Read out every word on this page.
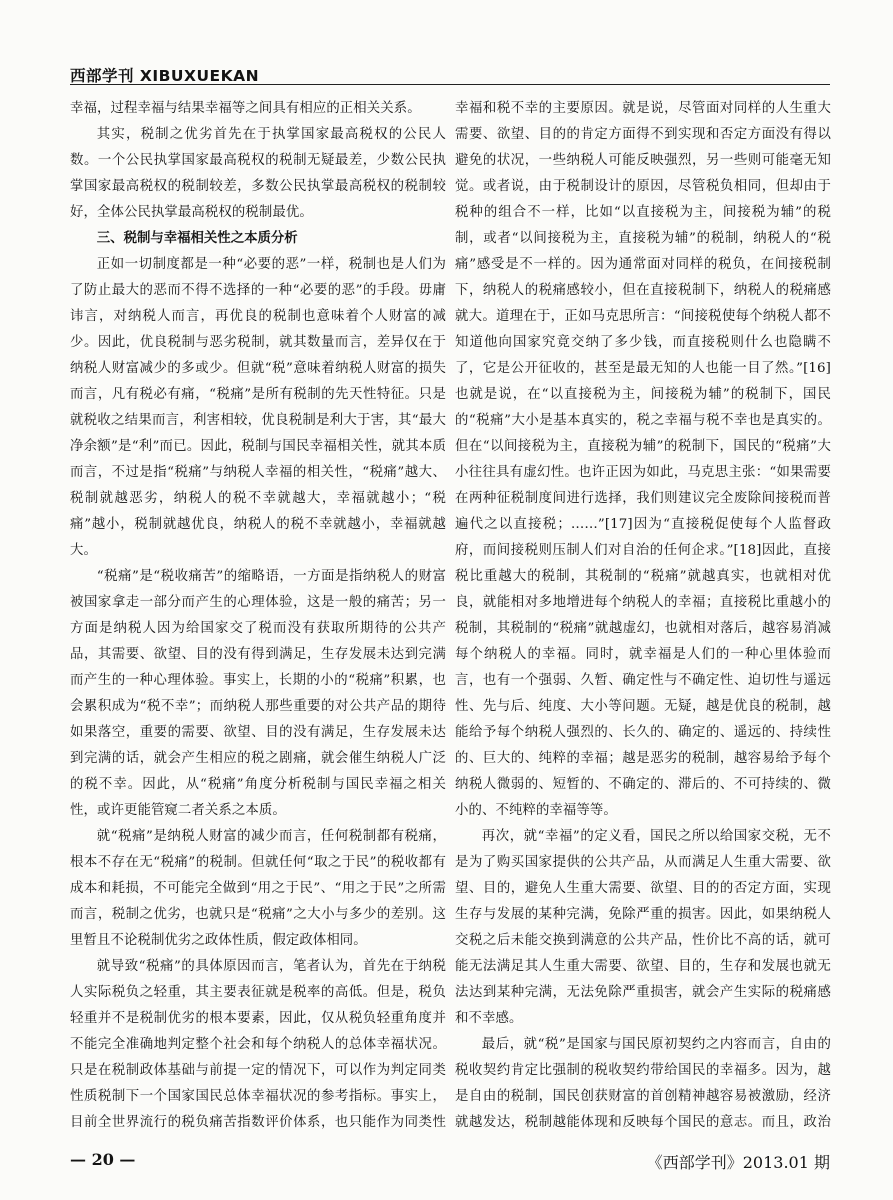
西部学刊 XIBUXUEKAN

幸福，过程幸福与结果幸福等之间具有相应的正相关关系。

其实，税制之优劣首先在于执掌国家最高税权的公民人数。一个公民执掌国家最高税权的税制无疑最差，少数公民执掌国家最高税权的税制较差，多数公民执掌最高税权的税制较好，全体公民执掌最高税权的税制最优。

三、税制与幸福相关性之本质分析

正如一切制度都是一种“必要的恶”一样，税制也是人们为了防止最大的恶而不得不选择的一种“必要的恶”的手段。毋庸讳言，对纳税人而言，再优良的税制也意味着个人财富的减少。因此，优良税制与恶劣税制，就其数量而言，差异仅在于纳税人财富减少的多或少。但就“税”意味着纳税人财富的损失而言，凡有税必有痛，“税痛”是所有税制的先天性特征。只是就税收之结果而言，利害相较，优良税制是利大于害，其“最大净余额”是“利”而已。因此，税制与国民幸福相关性，就其本质而言，不过是指“税痛”与纳税人幸福的相关性，“税痛”越大、税制就越恶劣，纳税人的税不幸就越大，幸福就越小；“税痛”越小，税制就越优良，纳税人的税不幸就越小，幸福就越大。

“税痛”是“税收痛苦”的缩略语，一方面是指纳税人的财富被国家拿走一部分而产生的心理体验，这是一般的痛苦；另一方面是纳税人因为给国家交了税而没有获取所期待的公共产品，其需要、欲望、目的没有得到满足，生存发展未达到完满而产生的一种心理体验。事实上，长期的小的“税痛”积累，也会累积成为“税不幸”；而纳税人那些重要的对公共产品的期待如果落空，重要的需要、欲望、目的没有满足，生存发展未达到完满的话，就会产生相应的税之剧痛，就会催生纳税人广泛的税不幸。因此，从“税痛”角度分析税制与国民幸福之相关性，或许更能管窥二者关系之本质。

就“税痛”是纳税人财富的减少而言，任何税制都有税痛，根本不存在无“税痛”的税制。但就任何“取之于民”的税收都有成本和耗损，不可能完全做到“用之于民”、“用之于民”之所需而言，税制之优劣，也就只是“税痛”之大小与多少的差别。这里暂且不论税制优劣之政体性质，假定政体相同。

就导致“税痛”的具体原因而言，笔者认为，首先在于纳税人实际税负之轻重，其主要表征就是税率的高低。但是，税负轻重并不是税制优劣的根本要素，因此，仅从税负轻重角度并不能完全准确地判定整个社会和每个纳税人的总体幸福状况。只是在税制政体基础与前提一定的情况下，可以作为判定同类性质税制下一个国家国民总体幸福状况的参考指标。事实上，目前全世界流行的税负痛苦指数评价体系，也只能作为同类性

幸福和税不幸的主要原因。就是说，尽管面对同样的人生重大需要、欲望、目的的肯定方面得不到实现和否定方面没有得以避免的状况，一些纳税人可能反映强烈，另一些则可能毫无知觉。或者说，由于税制设计的原因，尽管税负相同，但却由于税种的组合不一样，比如“以直接税为主，间接税为辅”的税制，或者“以间接税为主，直接税为辅”的税制，纳税人的“税痛”感受是不一样的。因为通常面对同样的税负，在间接税制下，纳税人的税痛感较小，但在直接税制下，纳税人的税痛感就大。道理在于，正如马克思所言：“间接税使每个纳税人都不知道他向国家究竟交纳了多少钱，而直接税则什么也隐瞒不了，它是公开征收的，甚至是最无知的人也能一目了然。”[16]也就是说，在“以直接税为主，间接税为辅”的税制下，国民的“税痛”大小是基本真实的，税之幸福与税不幸也是真实的。但在“以间接税为主，直接税为辅”的税制下，国民的“税痛”大小往往具有虚幻性。也许正因为如此，马克思主张：“如果需要在两种征税制度间进行选择，我们则建议完全废除间接税而普遍代之以直接税；……”[17]因为“直接税促使每个人监督政府，而间接税则压制人们对自治的任何企求。”[18]因此，直接税比重越大的税制，其税制的“税痛”就越真实，也就相对优良，就能相对多地增进每个纳税人的幸福；直接税比重越小的税制，其税制的“税痛”就越虚幻，也就相对落后，越容易消减每个纳税人的幸福。同时，就幸福是人们的一种心里体验而言，也有一个强弱、久暂、确定性与不确定性、迫切性与遥远性、先与后、纯度、大小等问题。无疑，越是优良的税制，越能给予每个纳税人强烈的、长久的、确定的、遥远的、持续性的、巨大的、纯粹的幸福；越是恶劣的税制，越容易给予每个纳税人微弱的、短暂的、不确定的、滞后的、不可持续的、微小的、不纯粹的幸福等等。

再次，就“幸福”的定义看，国民之所以给国家交税，无不是为了购买国家提供的公共产品，从而满足人生重大需要、欲望、目的，避免人生重大需要、欲望、目的的否定方面，实现生存与发展的某种完满，免除严重的损害。因此，如果纳税人交税之后未能交换到满意的公共产品，性价比不高的话，就可能无法满足其人生重大需要、欲望、目的，生存和发展也就无法达到某种完满，无法免除严重损害，就会产生实际的税痛感和不幸感。

最后，就“税”是国家与国民原初契约之内容而言，自由的税收契约肯定比强制的税收契约带给国民的幸福多。因为，越是自由的税制，国民创获财富的首创精神越容易被激励，经济就越发达，税制越能体现和反映每个国民的意志。而且，政治

— 20 —	《西部学刊》2013.01 期
